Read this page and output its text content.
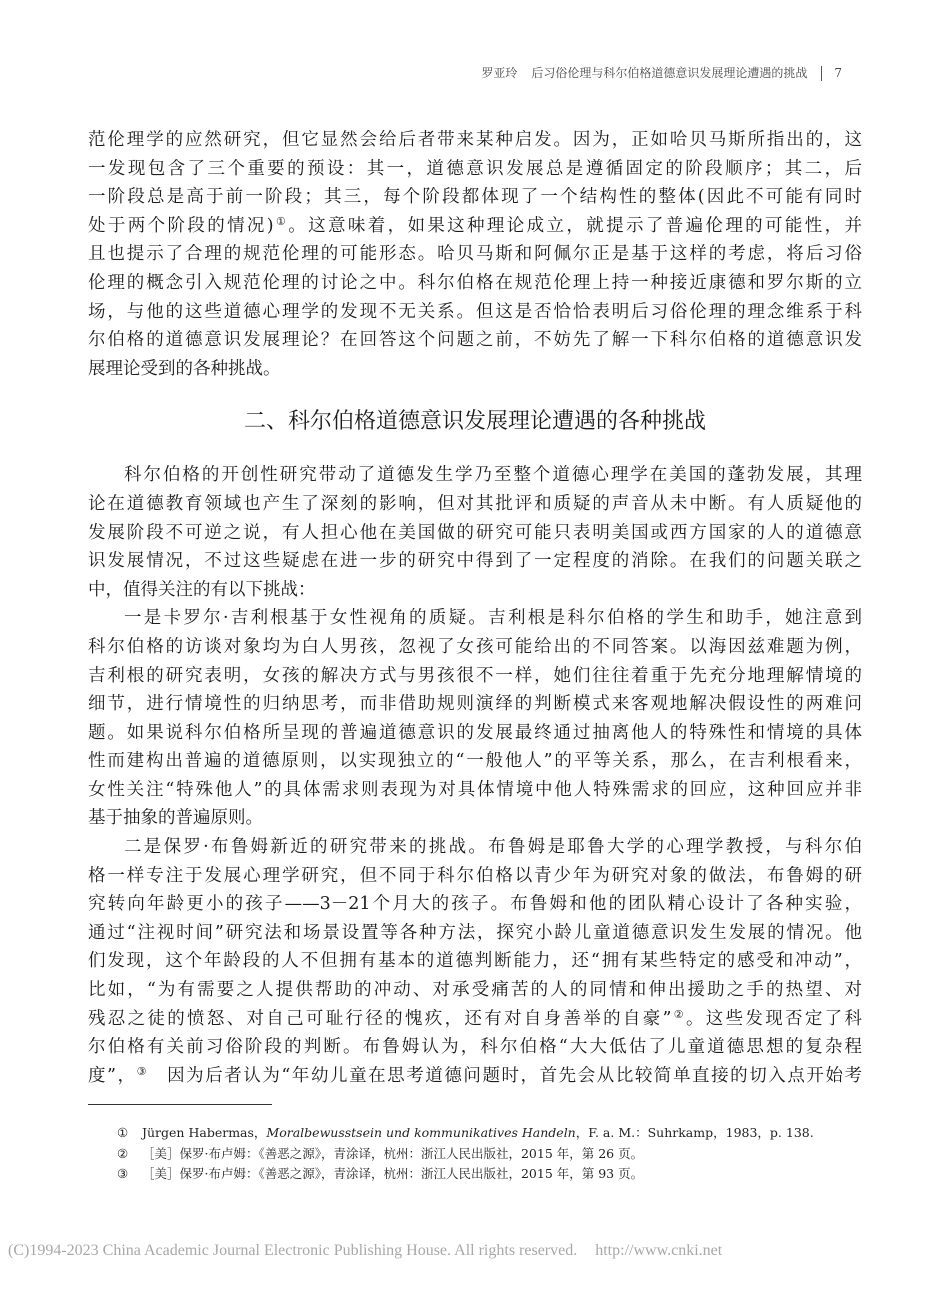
罗亚玲 后习俗伦理与科尔伯格道德意识发展理论遭遇的挑战 7
范伦理学的应然研究，但它显然会给后者带来某种启发。因为，正如哈贝马斯所指出的，这
一发现包含了三个重要的预设：其一，道德意识发展总是遵循固定的阶段顺序；其二，后
一阶段总是高于前一阶段；其三，每个阶段都体现了一个结构性的整体(因此不可能有同时
处于两个阶段的情况)①。这意味着，如果这种理论成立，就提示了普遍伦理的可能性，并
且也提示了合理的规范伦理的可能形态。哈贝马斯和阿佩尔正是基于这样的考虑，将后习俗
伦理的概念引入规范伦理的讨论之中。科尔伯格在规范伦理上持一种接近康德和罗尔斯的立
场，与他的这些道德心理学的发现不无关系。但这是否恰恰表明后习俗伦理的理念维系于科
尔伯格的道德意识发展理论？在回答这个问题之前，不妨先了解一下科尔伯格的道德意识发
展理论受到的各种挑战。
二、科尔伯格道德意识发展理论遭遇的各种挑战
科尔伯格的开创性研究带动了道德发生学乃至整个道德心理学在美国的蓬勃发展，其理
论在道德教育领域也产生了深刻的影响，但对其批评和质疑的声音从未中断。有人质疑他的
发展阶段不可逆之说，有人担心他在美国做的研究可能只表明美国或西方国家的人的道德意
识发展情况，不过这些疑虑在进一步的研究中得到了一定程度的消除。在我们的问题关联之
中，值得关注的有以下挑战：
一是卡罗尔·吉利根基于女性视角的质疑。吉利根是科尔伯格的学生和助手，她注意到
科尔伯格的访谈对象均为白人男孩，忽视了女孩可能给出的不同答案。以海因兹难题为例，
吉利根的研究表明，女孩的解决方式与男孩很不一样，她们往往着重于先充分地理解情境的
细节，进行情境性的归纳思考，而非借助规则演绎的判断模式来客观地解决假设性的两难问
题。如果说科尔伯格所呈现的普遍道德意识的发展最终通过抽离他人的特殊性和情境的具体
性而建构出普遍的道德原则，以实现独立的“一般他人”的平等关系，那么，在吉利根看来，
女性关注“特殊他人”的具体需求则表现为对具体情境中他人特殊需求的回应，这种回应并非
基于抽象的普遍原则。
二是保罗·布鲁姆新近的研究带来的挑战。布鲁姆是耶鲁大学的心理学教授，与科尔伯
格一样专注于发展心理学研究，但不同于科尔伯格以青少年为研究对象的做法，布鲁姆的研
究转向年龄更小的孩子——3－21个月大的孩子。布鲁姆和他的团队精心设计了各种实验，
通过“注视时间”研究法和场景设置等各种方法，探究小龄儿童道德意识发生发展的情况。他
们发现，这个年龄段的人不但拥有基本的道德判断能力，还“拥有某些特定的感受和冲动”，
比如，“为有需要之人提供帮助的冲动、对承受痛苦的人的同情和伸出援助之手的热望、对
残忍之徒的愤怒、对自己可耻行径的愧疚，还有对自身善举的自豪”②。这些发现否定了科
尔伯格有关前习俗阶段的判断。布鲁姆认为，科尔伯格“大大低估了儿童道德思想的复杂程
度”，③　因为后者认为“年幼儿童在思考道德问题时，首先会从比较简单直接的切入点开始考
①	Jürgen Habermas，Moralbewusstsein und kommunikatives Handeln，F. a. M.：Suhrkamp，1983，p. 138.
②	［美］保罗·布卢姆：《善恶之源》，青涂译，杭州：浙江人民出版社，2015 年，第 26 页。
③	［美］保罗·布卢姆：《善恶之源》，青涂译，杭州：浙江人民出版社，2015 年，第 93 页。
(C)1994-2023 China Academic Journal Electronic Publishing House. All rights reserved. http://www.cnki.net
